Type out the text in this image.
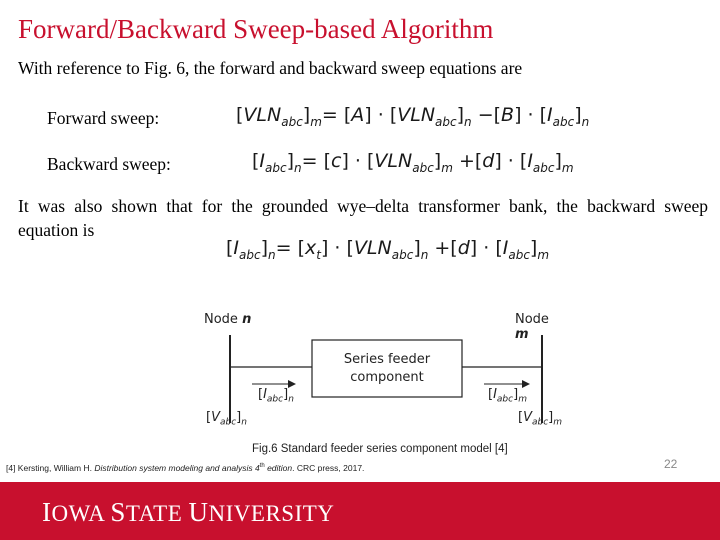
Forward/Backward Sweep-based Algorithm
With reference to Fig. 6, the forward and backward sweep equations are
Forward sweep:	$[VLN_{abc}]_m= [A] \cdot [VLN_{abc}]_n -[B] \cdot [I_{abc}]_n$
Backward sweep:	$[I_{abc}]_n= [c] \cdot [VLN_{abc}]_m +[d] \cdot [I_{abc}]_m$
It was also shown that for the grounded wye–delta transformer bank, the backward sweep equation is
$[I_{abc}]_n= [x_t] \cdot [VLN_{abc}]_n +[d] \cdot [I_{abc}]_m$
Node n	Node m
Series feeder
component
$[I_{abc}]_n$	$[I_{abc}]_m$
$[V_{abc}]_n$	$[V_{abc}]_m$
Fig.6 Standard feeder series component model [4]
[4] Kersting, William H. Distribution system modeling and analysis 4th edition. CRC press, 2017.	22
IOWA STATE UNIVERSITY
